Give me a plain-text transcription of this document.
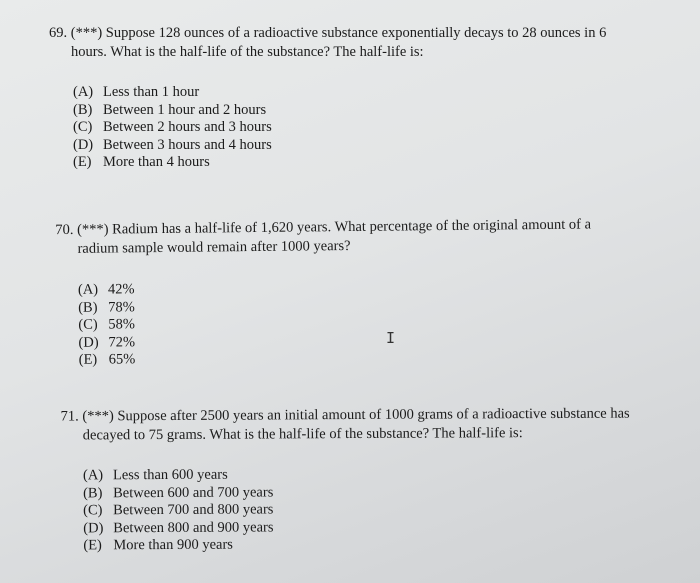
69. (***) Suppose 128 ounces of a radioactive substance exponentially decays to 28 ounces in 6
hours. What is the half-life of the substance? The half-life is:

(A) Less than 1 hour
(B) Between 1 hour and 2 hours
(C) Between 2 hours and 3 hours
(D) Between 3 hours and 4 hours
(E) More than 4 hours

70. (***) Radium has a half-life of 1,620 years. What percentage of the original amount of a
radium sample would remain after 1000 years?

(A) 42%
(B) 78%
(C) 58%
(D) 72%
(E) 65%
I

71. (***) Suppose after 2500 years an initial amount of 1000 grams of a radioactive substance has
decayed to 75 grams. What is the half-life of the substance? The half-life is:

(A) Less than 600 years
(B) Between 600 and 700 years
(C) Between 700 and 800 years
(D) Between 800 and 900 years
(E) More than 900 years
